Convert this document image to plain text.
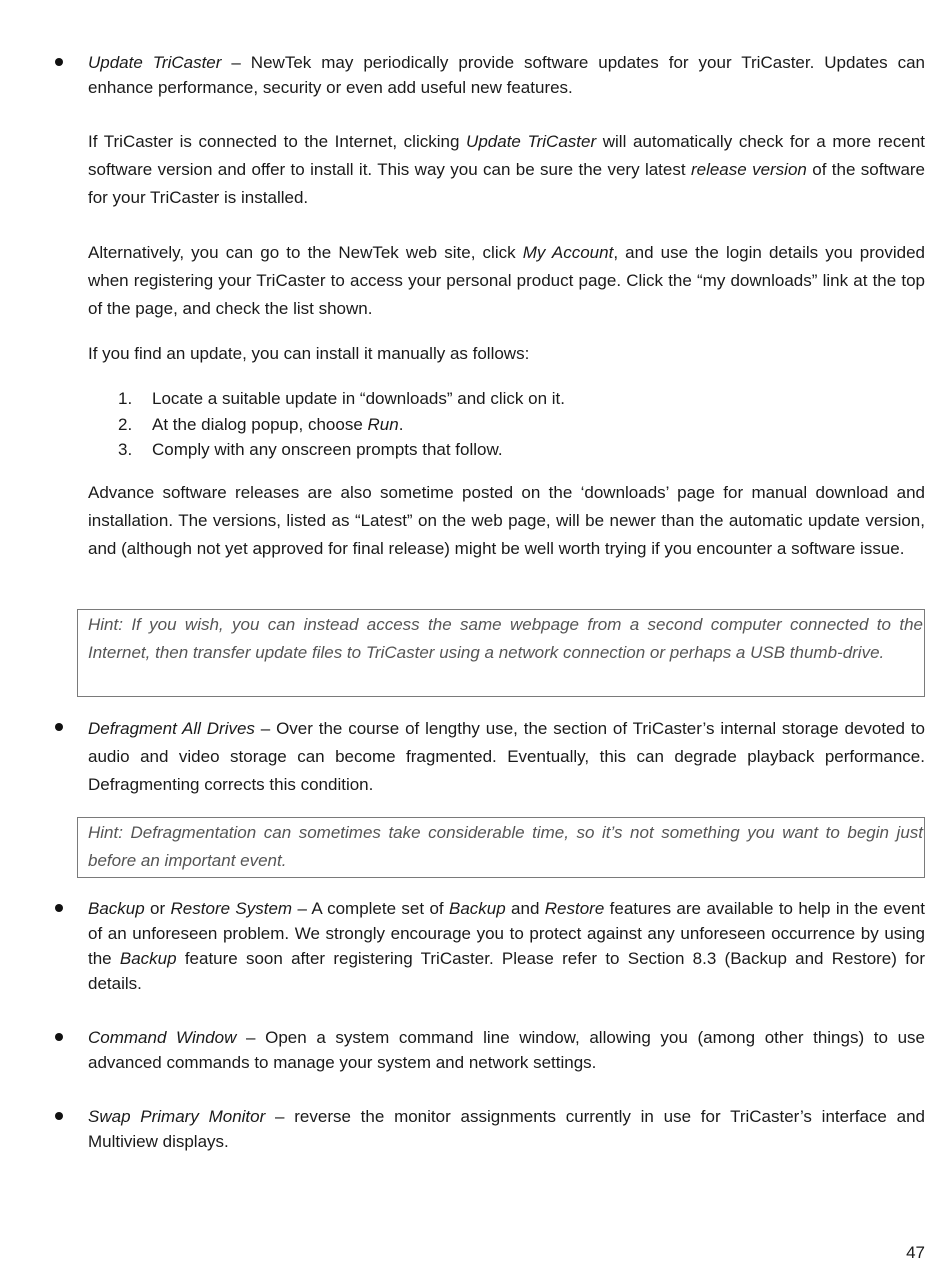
Update TriCaster – NewTek may periodically provide software updates for your TriCaster. Updates can enhance performance, security or even add useful new features.

If TriCaster is connected to the Internet, clicking Update TriCaster will automatically check for a more recent software version and offer to install it. This way you can be sure the very latest release version of the software for your TriCaster is installed.

Alternatively, you can go to the NewTek web site, click My Account, and use the login details you provided when registering your TriCaster to access your personal product page. Click the “my downloads” link at the top of the page, and check the list shown.

If you find an update, you can install it manually as follows:

1.	Locate a suitable update in “downloads” and click on it.
2.	At the dialog popup, choose Run.
3.	Comply with any onscreen prompts that follow.

Advance software releases are also sometime posted on the ‘downloads’ page for manual download and installation. The versions, listed as “Latest” on the web page, will be newer than the automatic update version, and (although not yet approved for final release) might be well worth trying if you encounter a software issue.

Hint: If you wish, you can instead access the same webpage from a second computer connected to the Internet, then transfer update files to TriCaster using a network connection or perhaps a USB thumb-drive.

Defragment All Drives – Over the course of lengthy use, the section of TriCaster’s internal storage devoted to audio and video storage can become fragmented. Eventually, this can degrade playback performance. Defragmenting corrects this condition.

Hint: Defragmentation can sometimes take considerable time, so it’s not something you want to begin just before an important event.

Backup or Restore System – A complete set of Backup and Restore features are available to help in the event of an unforeseen problem. We strongly encourage you to protect against any unforeseen occurrence by using the Backup feature soon after registering TriCaster. Please refer to Section 8.3 (Backup and Restore) for details.

Command Window – Open a system command line window, allowing you (among other things) to use advanced commands to manage your system and network settings.

Swap Primary Monitor – reverse the monitor assignments currently in use for TriCaster’s interface and Multiview displays.

47
